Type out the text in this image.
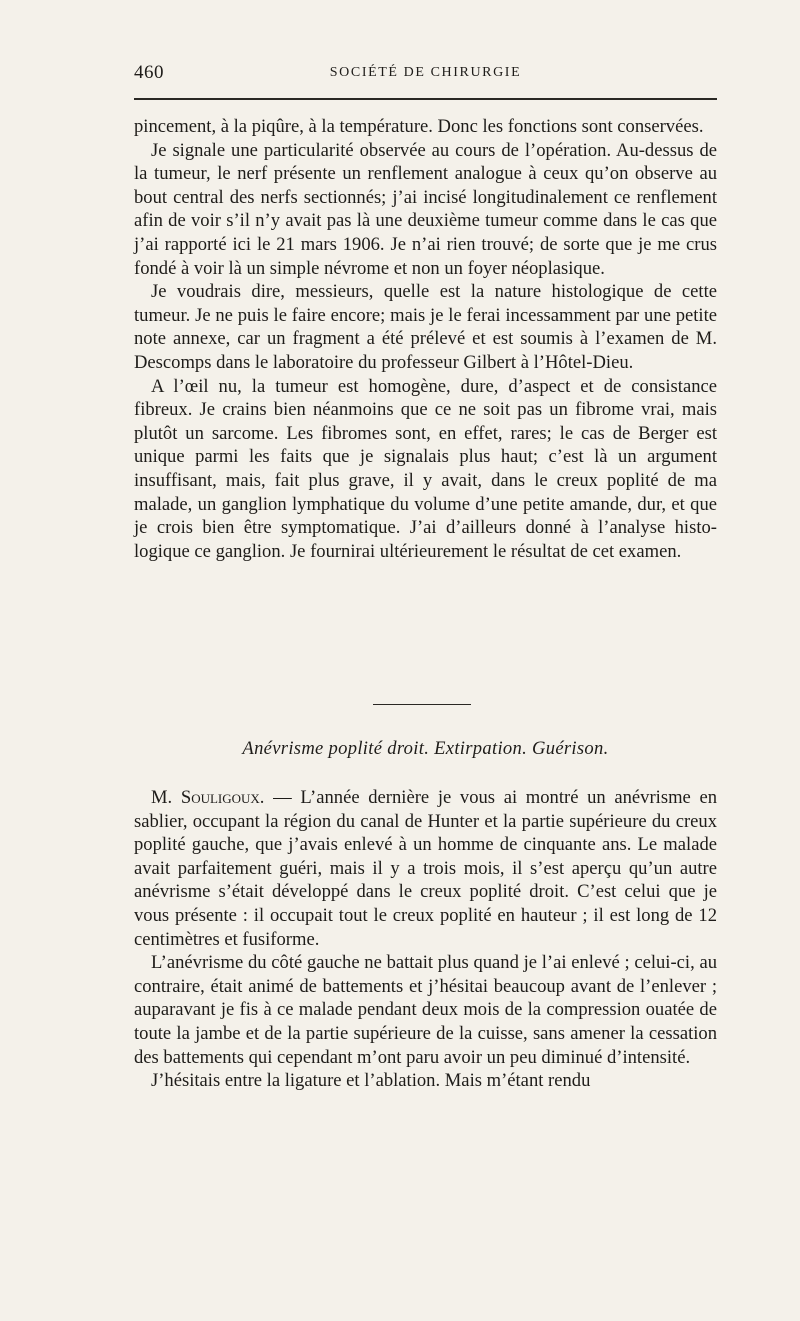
460	SOCIÉTÉ DE CHIRURGIE

pincement, à la piqûre, à la température. Donc les fonctions sont conservées.

Je signale une particularité observée au cours de l’opération. Au-dessus de la tumeur, le nerf présente un renflement analogue à ceux qu’on observe au bout central des nerfs sectionnés; j’ai incisé longitudinalement ce renflement afin de voir s’il n’y avait pas là une deuxième tumeur comme dans le cas que j’ai rapporté ici le 21 mars 1906. Je n’ai rien trouvé; de sorte que je me crus fondé à voir là un simple névrome et non un foyer néoplasique.

Je voudrais dire, messieurs, quelle est la nature histologique de cette tumeur. Je ne puis le faire encore; mais je le ferai incessamment par une petite note annexe, car un fragment a été prélevé et est soumis à l’examen de M. Descomps dans le laboratoire du professeur Gilbert à l’Hôtel-Dieu.

A l’œil nu, la tumeur est homogène, dure, d’aspect et de consistance fibreux. Je crains bien néanmoins que ce ne soit pas un fibrome vrai, mais plutôt un sarcome. Les fibromes sont, en effet, rares; le cas de Berger est unique parmi les faits que je signalais plus haut; c’est là un argument insuffisant, mais, fait plus grave, il y avait, dans le creux poplité de ma malade, un ganglion lymphatique du volume d’une petite amande, dur, et que je crois bien être symptomatique. J’ai d’ailleurs donné à l’analyse histologique ce ganglion. Je fournirai ultérieurement le résultat de cet examen.

Anévrisme poplité droit. Extirpation. Guérison.

M. Souligoux. — L’année dernière je vous ai montré un anévrisme en sablier, occupant la région du canal de Hunter et la partie supérieure du creux poplité gauche, que j’avais enlevé à un homme de cinquante ans. Le malade avait parfaitement guéri, mais il y a trois mois, il s’est aperçu qu’un autre anévrisme s’était développé dans le creux poplité droit. C’est celui que je vous présente : il occupait tout le creux poplité en hauteur ; il est long de 12 centimètres et fusiforme.

L’anévrisme du côté gauche ne battait plus quand je l’ai enlevé ; celui-ci, au contraire, était animé de battements et j’hésitai beaucoup avant de l’enlever ; auparavant je fis à ce malade pendant deux mois de la compression ouatée de toute la jambe et de la partie supérieure de la cuisse, sans amener la cessation des battements qui cependant m’ont paru avoir un peu diminué d’intensité.

J’hésitais entre la ligature et l’ablation. Mais m’étant rendu
